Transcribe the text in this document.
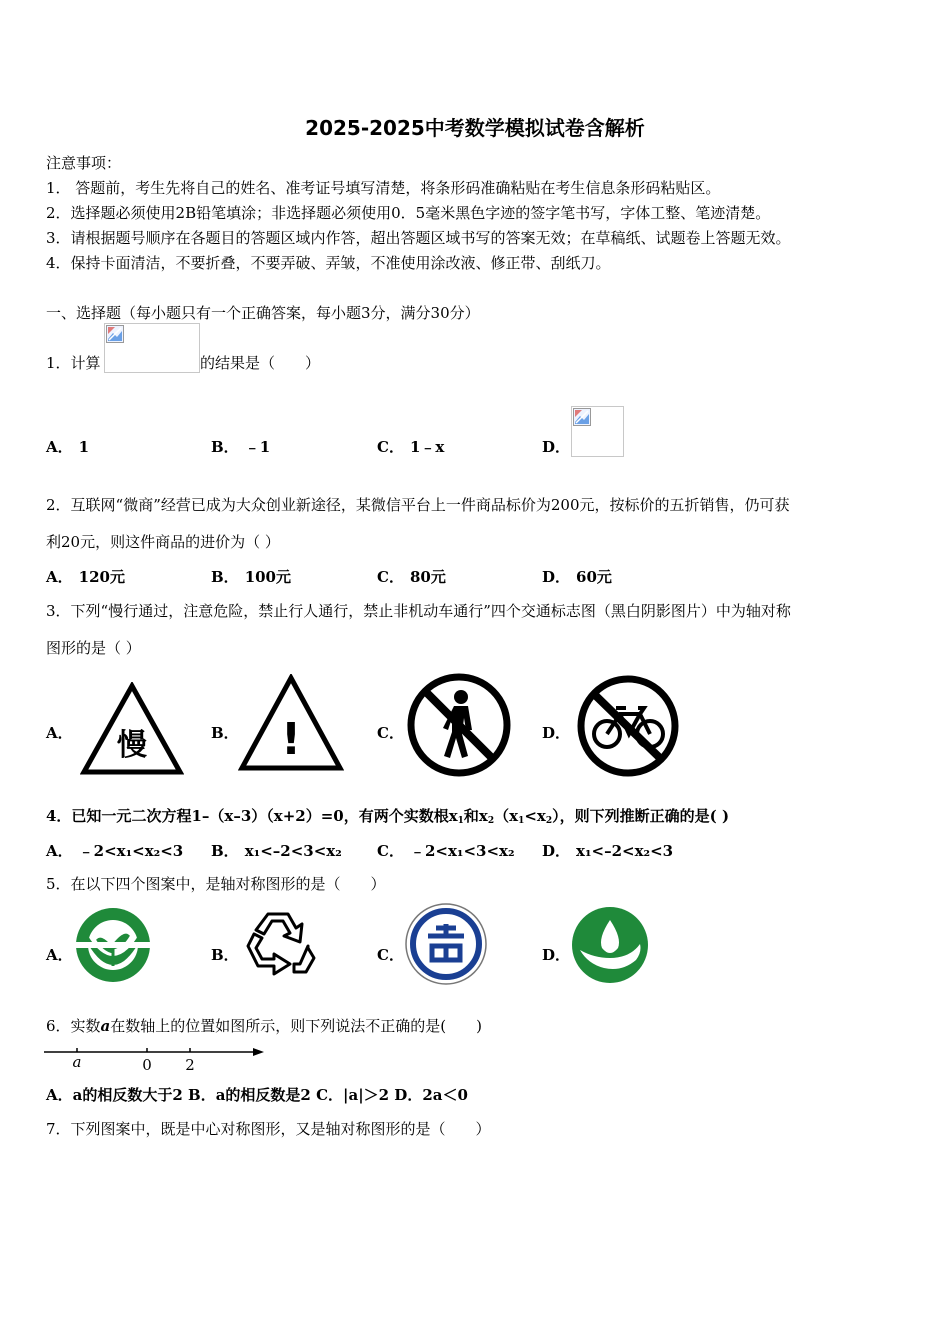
2025-2025中考数学模拟试卷含解析
注意事项：
1． 答题前，考生先将自己的姓名、准考证号填写清楚，将条形码准确粘贴在考生信息条形码粘贴区。
2．选择题必须使用2B铅笔填涂；非选择题必须使用0．5毫米黑色字迹的签字笔书写，字体工整、笔迹清楚。
3．请根据题号顺序在各题目的答题区域内作答，超出答题区域书写的答案无效；在草稿纸、试题卷上答题无效。
4．保持卡面清洁，不要折叠，不要弄破、弄皱，不准使用涂改液、修正带、刮纸刀。
一、选择题（每小题只有一个正确答案，每小题3分，满分30分）
1．计算	的结果是（　　）
A． 1	B． ﹣1	C． 1﹣x	D．
2．互联网“微商”经营已成为大众创业新途径，某微信平台上一件商品标价为200元，按标价的五折销售，仍可获
利20元，则这件商品的进价为（ ）
A． 120元	B． 100元	C． 80元	D． 60元
3．下列“慢行通过，注意危险，禁止行人通行，禁止非机动车通行”四个交通标志图（黑白阴影图片）中为轴对称
图形的是（ ）
A． 慢	B． !	C．	D．
4．已知一元二次方程1–（x–3）（x+2）=0，有两个实数根$x_1$和$x_2(x_1<x_2)$，则下列推断正确的是( )
A． ﹣2<x₁<x₂<3 B． x₁<–2<3<x₂ C． ﹣2<x₁<3<x₂ D． x₁<–2<x₂<3
5．在以下四个图案中，是轴对称图形的是（　　）
A．	B．	C．	D．
6．实数a在数轴上的位置如图所示，则下列说法不正确的是(　　)
a	0 2
A．a的相反数大于2 B．a的相反数是2 C．|a|＞2 D．2a＜0
7．下列图案中，既是中心对称图形，又是轴对称图形的是（　　）
